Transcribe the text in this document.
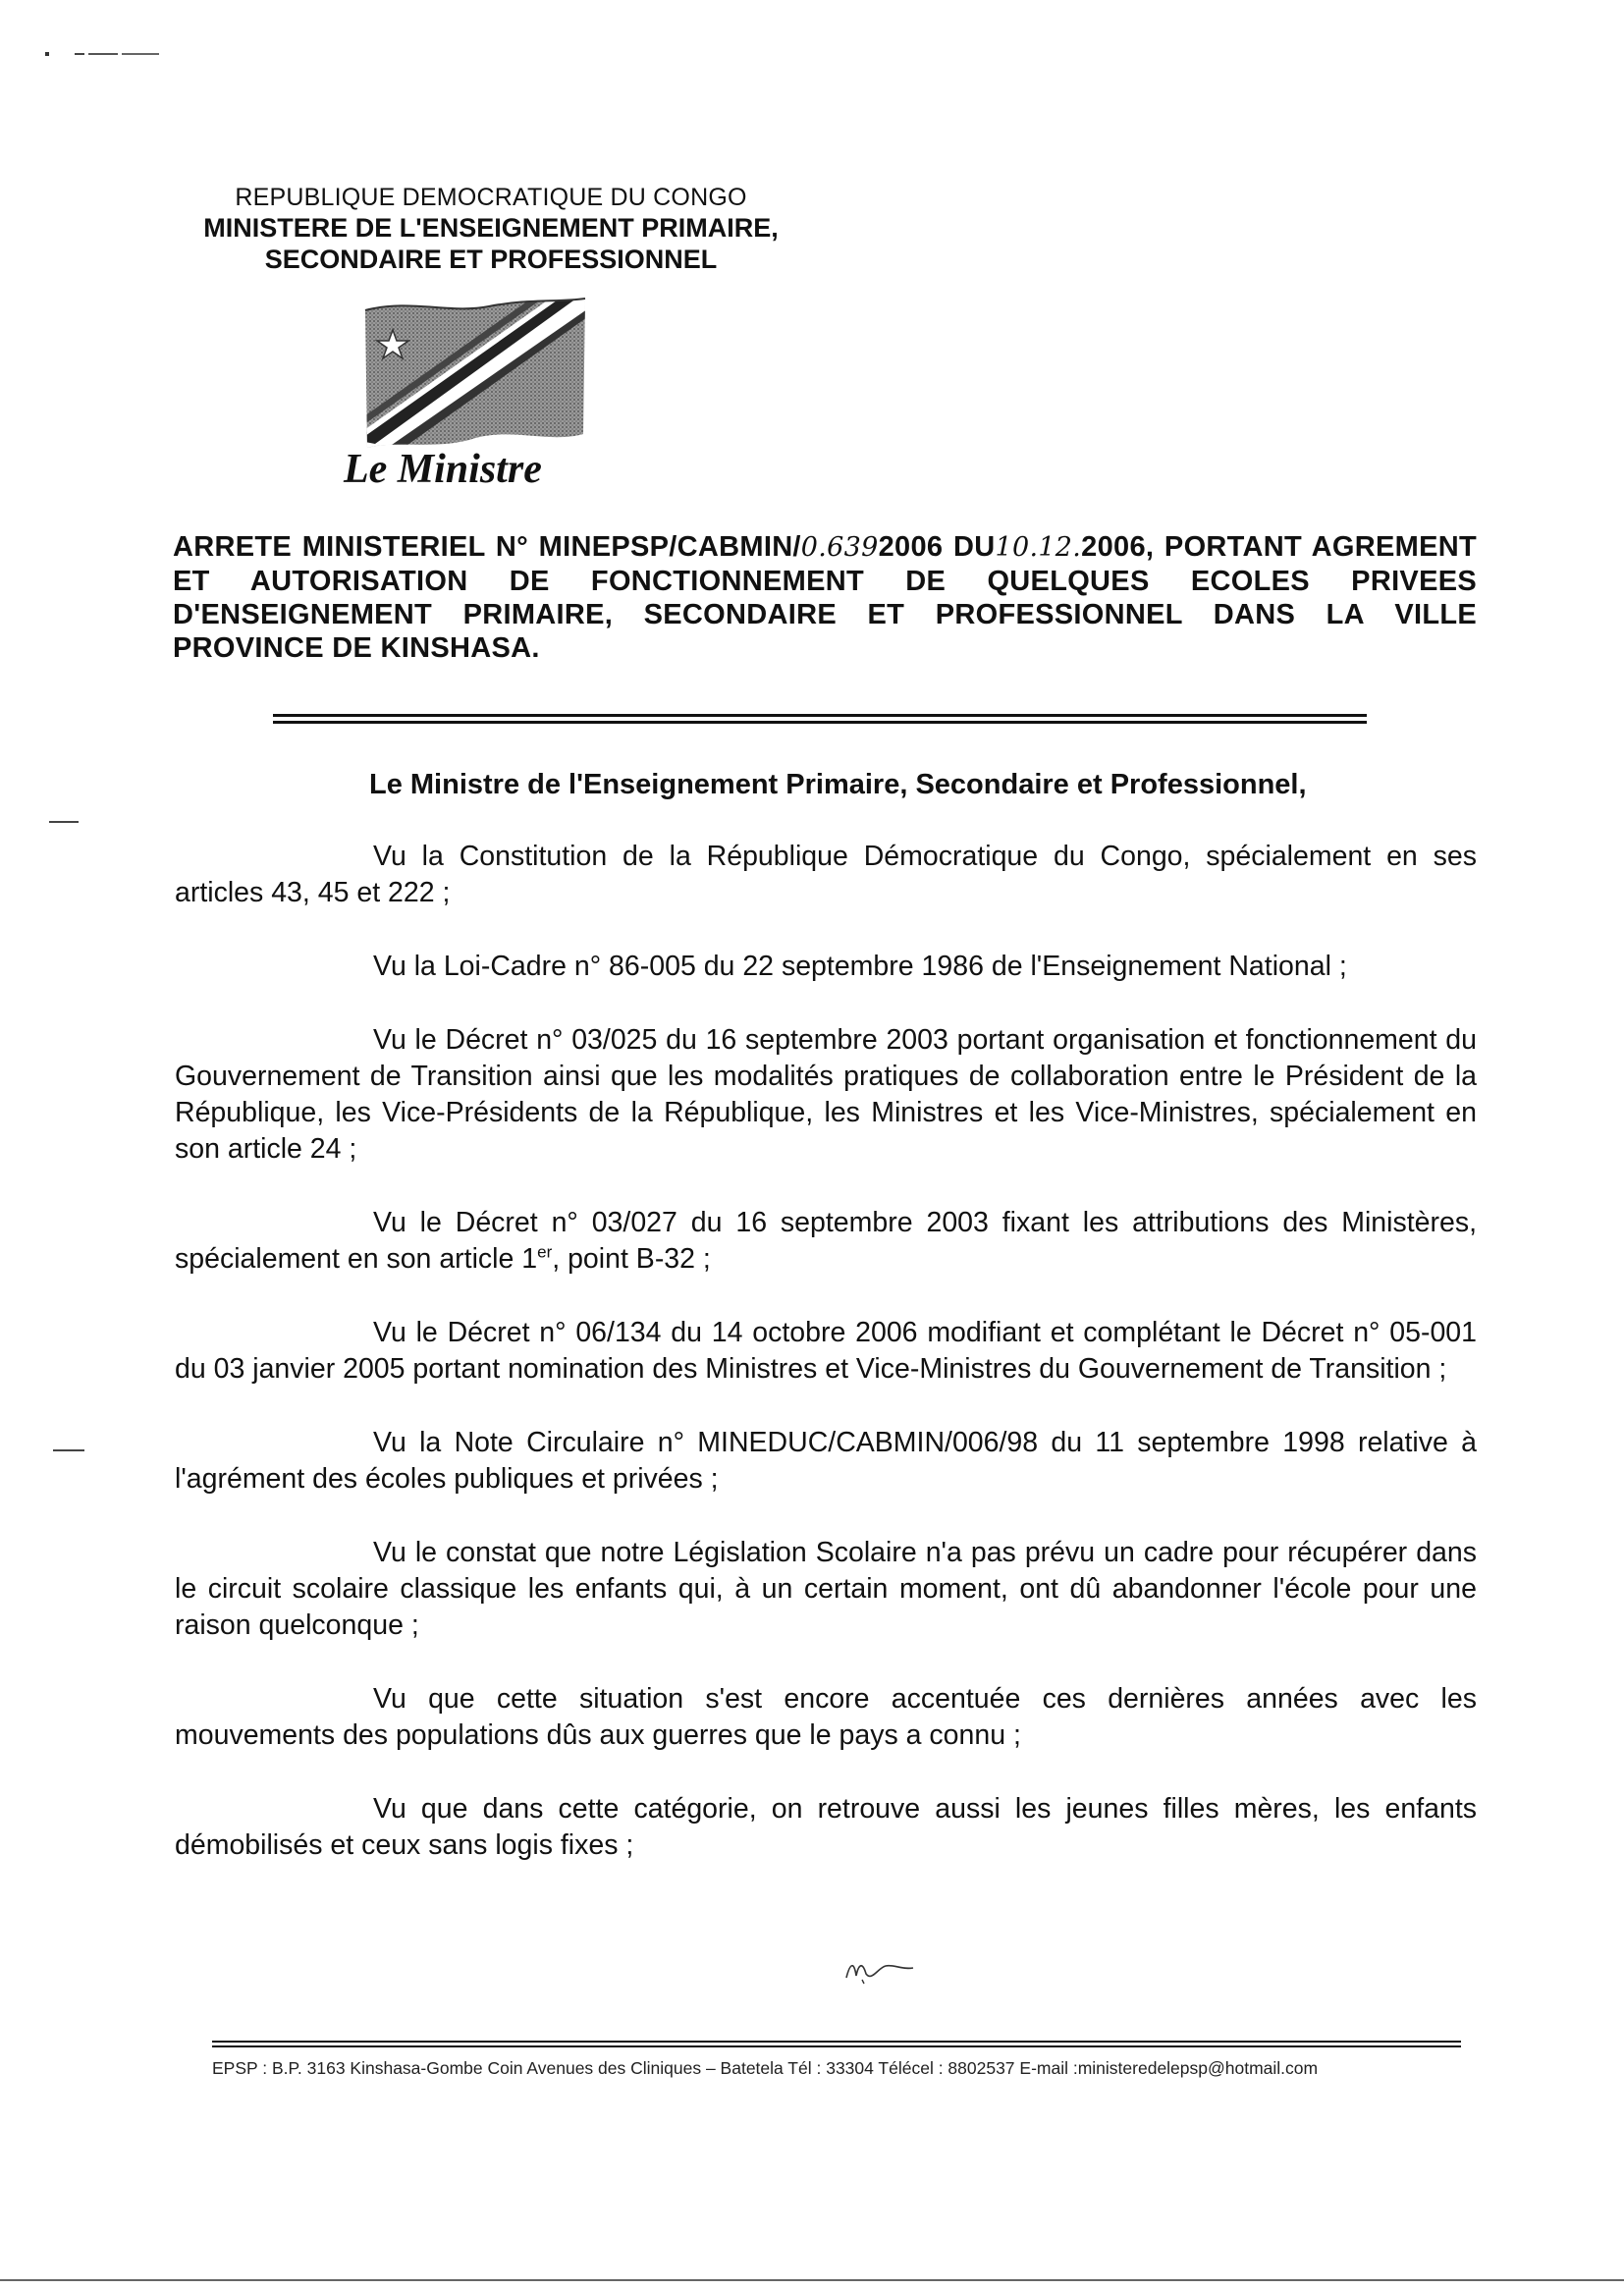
REPUBLIQUE DEMOCRATIQUE DU CONGO

MINISTERE DE L'ENSEIGNEMENT PRIMAIRE,

SECONDAIRE ET PROFESSIONNEL

Le Ministre
ARRETE MINISTERIEL N° MINEPSP/CABMIN/0.6392006 DU10.12.2006, PORTANT AGREMENT ET AUTORISATION DE FONCTIONNEMENT DE QUELQUES ECOLES PRIVEES D'ENSEIGNEMENT PRIMAIRE, SECONDAIRE ET PROFESSIONNEL DANS LA VILLE PROVINCE DE KINSHASA.
Le Ministre de l'Enseignement Primaire, Secondaire et Professionnel,

Vu la Constitution de la République Démocratique du Congo, spécialement en ses articles 43, 45 et 222 ;

Vu la Loi-Cadre n° 86-005 du 22 septembre 1986 de l'Enseignement National ;

Vu le Décret n° 03/025 du 16 septembre 2003 portant organisation et fonctionnement du Gouvernement de Transition ainsi que les modalités pratiques de collaboration entre le Président de la République, les Vice-Présidents de la République, les Ministres et les Vice-Ministres, spécialement en son article 24 ;

Vu le Décret n° 03/027 du 16 septembre 2003 fixant les attributions des Ministères, spécialement en son article 1er, point B-32 ;

Vu le Décret n° 06/134 du 14 octobre 2006 modifiant et complétant le Décret n° 05-001 du 03 janvier 2005 portant nomination des Ministres et Vice-Ministres du Gouvernement de Transition ;

Vu la Note Circulaire n° MINEDUC/CABMIN/006/98 du 11 septembre 1998 relative à l'agrément des écoles publiques et privées ;

Vu le constat que notre Législation Scolaire n'a pas prévu un cadre pour récupérer dans le circuit scolaire classique les enfants qui, à un certain moment, ont dû abandonner l'école pour une raison quelconque ;

Vu que cette situation s'est encore accentuée ces dernières années avec les mouvements des populations dûs aux guerres que le pays a connu ;

Vu que dans cette catégorie, on retrouve aussi les jeunes filles mères, les enfants démobilisés et ceux sans logis fixes ;

EPSP : B.P. 3163 Kinshasa-Gombe Coin Avenues des Cliniques – Batetela Tél : 33304 Télécel : 8802537 E-mail :ministeredelepsp@hotmail.com
